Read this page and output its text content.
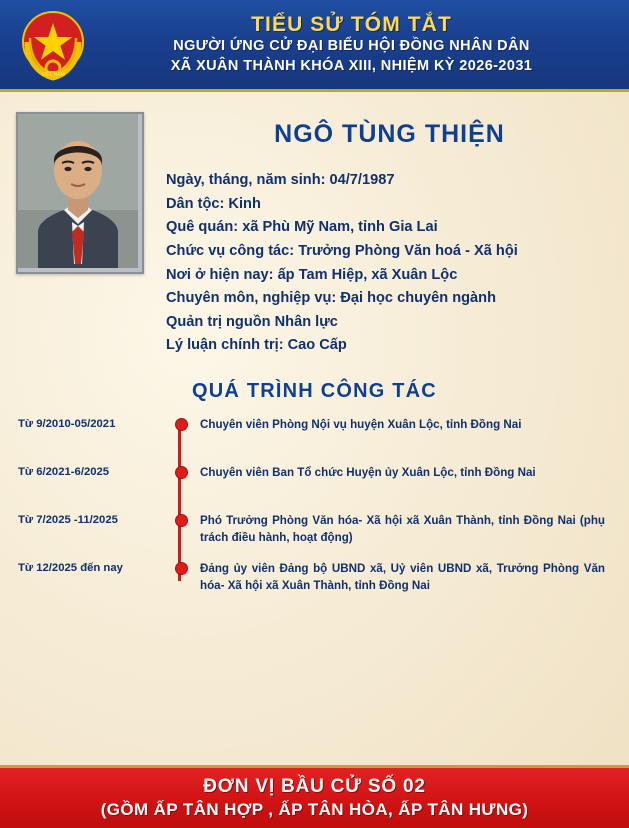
VIỆT NAM
TIỂU SỬ TÓM TẮT
NGƯỜI ỨNG CỬ ĐẠI BIỂU HỘI ĐỒNG NHÂN DÂN
XÃ XUÂN THÀNH KHÓA XIII, NHIỆM KỲ 2026-2031
NGÔ TÙNG THIỆN

Ngày, tháng, năm sinh: 04/7/1987

Dân tộc: Kinh

Quê quán: xã Phù Mỹ Nam, tỉnh Gia Lai

Chức vụ công tác: Trưởng Phòng Văn hoá - Xã hội

Nơi ở hiện nay: ấp Tam Hiệp, xã Xuân Lộc

Chuyên môn, nghiệp vụ: Đại học chuyên ngành

Quản trị nguồn Nhân lực

Lý luận chính trị: Cao Cấp

QUÁ TRÌNH CÔNG TÁC
Từ 9/2010-05/2021	Chuyên viên Phòng Nội vụ huyện Xuân Lộc, tỉnh Đồng Nai
Từ 6/2021-6/2025	Chuyên viên Ban Tổ chức Huyện ủy Xuân Lộc, tỉnh Đồng Nai
Từ 7/2025 -11/2025	Phó Trưởng Phòng Văn hóa- Xã hội xã Xuân Thành, tỉnh Đồng Nai (phụ trách điều hành, hoạt động)
Từ 12/2025 đến nay	Đảng ủy viên Đảng bộ UBND xã, Uỷ viên UBND xã, Trưởng Phòng Văn hóa- Xã hội xã Xuân Thành, tỉnh Đồng Nai
ĐƠN VỊ BẦU CỬ SỐ 02
(GỒM ẤP TÂN HỢP , ẤP TÂN HÒA, ẤP TÂN HƯNG)
